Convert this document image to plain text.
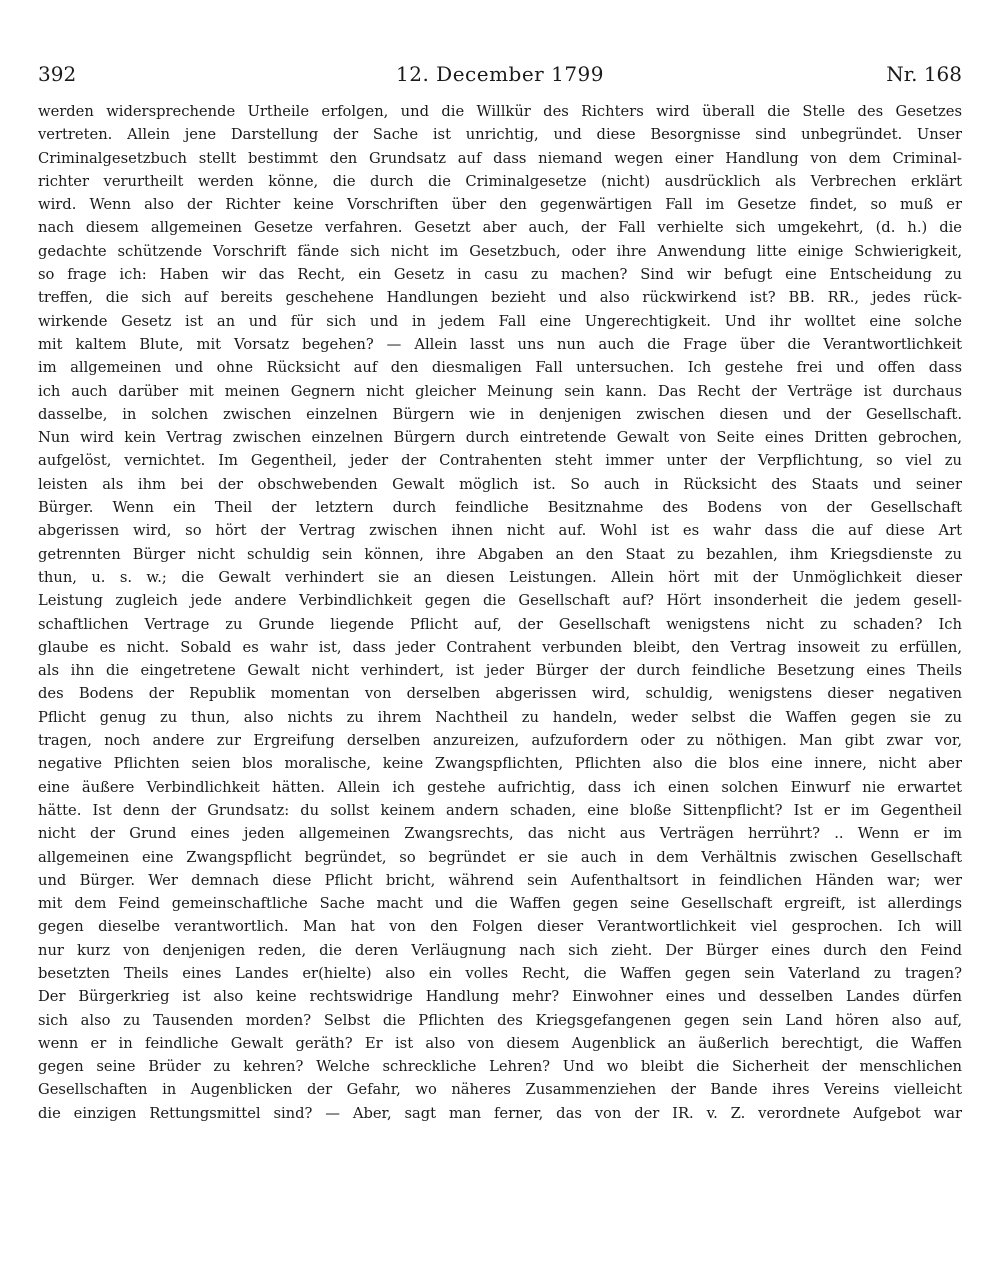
392	12. December 1799	Nr. 168
werden widersprechende Urtheile erfolgen, und die Willkür des Richters wird überall die Stelle des Gesetzes
vertreten. Allein jene Darstellung der Sache ist unrichtig, und diese Besorgnisse sind unbegründet. Unser
Criminalgesetzbuch stellt bestimmt den Grundsatz auf dass niemand wegen einer Handlung von dem Criminal-
richter verurtheilt werden könne, die durch die Criminalgesetze (nicht) ausdrücklich als Verbrechen erklärt
wird. Wenn also der Richter keine Vorschriften über den gegenwärtigen Fall im Gesetze findet, so muß er
nach diesem allgemeinen Gesetze verfahren. Gesetzt aber auch, der Fall verhielte sich umgekehrt, (d. h.) die
gedachte schützende Vorschrift fände sich nicht im Gesetzbuch, oder ihre Anwendung litte einige Schwierigkeit,
so frage ich: Haben wir das Recht, ein Gesetz in casu zu machen? Sind wir befugt eine Entscheidung zu
treffen, die sich auf bereits geschehene Handlungen bezieht und also rückwirkend ist? BB. RR., jedes rück-
wirkende Gesetz ist an und für sich und in jedem Fall eine Ungerechtigkeit. Und ihr wolltet eine solche
mit kaltem Blute, mit Vorsatz begehen? — Allein lasst uns nun auch die Frage über die Verantwortlichkeit
im allgemeinen und ohne Rücksicht auf den diesmaligen Fall untersuchen. Ich gestehe frei und offen dass
ich auch darüber mit meinen Gegnern nicht gleicher Meinung sein kann. Das Recht der Verträge ist durchaus
dasselbe, in solchen zwischen einzelnen Bürgern wie in denjenigen zwischen diesen und der Gesellschaft.
Nun wird kein Vertrag zwischen einzelnen Bürgern durch eintretende Gewalt von Seite eines Dritten gebrochen,
aufgelöst, vernichtet. Im Gegentheil, jeder der Contrahenten steht immer unter der Verpflichtung, so viel zu
leisten als ihm bei der obschwebenden Gewalt möglich ist. So auch in Rücksicht des Staats und seiner
Bürger. Wenn ein Theil der letztern durch feindliche Besitznahme des Bodens von der Gesellschaft
abgerissen wird, so hört der Vertrag zwischen ihnen nicht auf. Wohl ist es wahr dass die auf diese Art
getrennten Bürger nicht schuldig sein können, ihre Abgaben an den Staat zu bezahlen, ihm Kriegsdienste zu
thun, u. s. w.; die Gewalt verhindert sie an diesen Leistungen. Allein hört mit der Unmöglichkeit dieser
Leistung zugleich jede andere Verbindlichkeit gegen die Gesellschaft auf? Hört insonderheit die jedem gesell-
schaftlichen Vertrage zu Grunde liegende Pflicht auf, der Gesellschaft wenigstens nicht zu schaden? Ich
glaube es nicht. Sobald es wahr ist, dass jeder Contrahent verbunden bleibt, den Vertrag insoweit zu erfüllen,
als ihn die eingetretene Gewalt nicht verhindert, ist jeder Bürger der durch feindliche Besetzung eines Theils
des Bodens der Republik momentan von derselben abgerissen wird, schuldig, wenigstens dieser negativen
Pflicht genug zu thun, also nichts zu ihrem Nachtheil zu handeln, weder selbst die Waffen gegen sie zu
tragen, noch andere zur Ergreifung derselben anzureizen, aufzufordern oder zu nöthigen. Man gibt zwar vor,
negative Pflichten seien blos moralische, keine Zwangspflichten, Pflichten also die blos eine innere, nicht aber
eine äußere Verbindlichkeit hätten. Allein ich gestehe aufrichtig, dass ich einen solchen Einwurf nie erwartet
hätte. Ist denn der Grundsatz: du sollst keinem andern schaden, eine bloße Sittenpflicht? Ist er im Gegentheil
nicht der Grund eines jeden allgemeinen Zwangsrechts, das nicht aus Verträgen herrührt? .. Wenn er im
allgemeinen eine Zwangspflicht begründet, so begründet er sie auch in dem Verhältnis zwischen Gesellschaft
und Bürger. Wer demnach diese Pflicht bricht, während sein Aufenthaltsort in feindlichen Händen war; wer
mit dem Feind gemeinschaftliche Sache macht und die Waffen gegen seine Gesellschaft ergreift, ist allerdings
gegen dieselbe verantwortlich. Man hat von den Folgen dieser Verantwortlichkeit viel gesprochen. Ich will
nur kurz von denjenigen reden, die deren Verläugnung nach sich zieht. Der Bürger eines durch den Feind
besetzten Theils eines Landes er(hielte) also ein volles Recht, die Waffen gegen sein Vaterland zu tragen?
Der Bürgerkrieg ist also keine rechtswidrige Handlung mehr? Einwohner eines und desselben Landes dürfen
sich also zu Tausenden morden? Selbst die Pflichten des Kriegsgefangenen gegen sein Land hören also auf,
wenn er in feindliche Gewalt geräth? Er ist also von diesem Augenblick an äußerlich berechtigt, die Waffen
gegen seine Brüder zu kehren? Welche schreckliche Lehren? Und wo bleibt die Sicherheit der menschlichen
Gesellschaften in Augenblicken der Gefahr, wo näheres Zusammenziehen der Bande ihres Vereins vielleicht
die einzigen Rettungsmittel sind? — Aber, sagt man ferner, das von der IR. v. Z. verordnete Aufgebot war
